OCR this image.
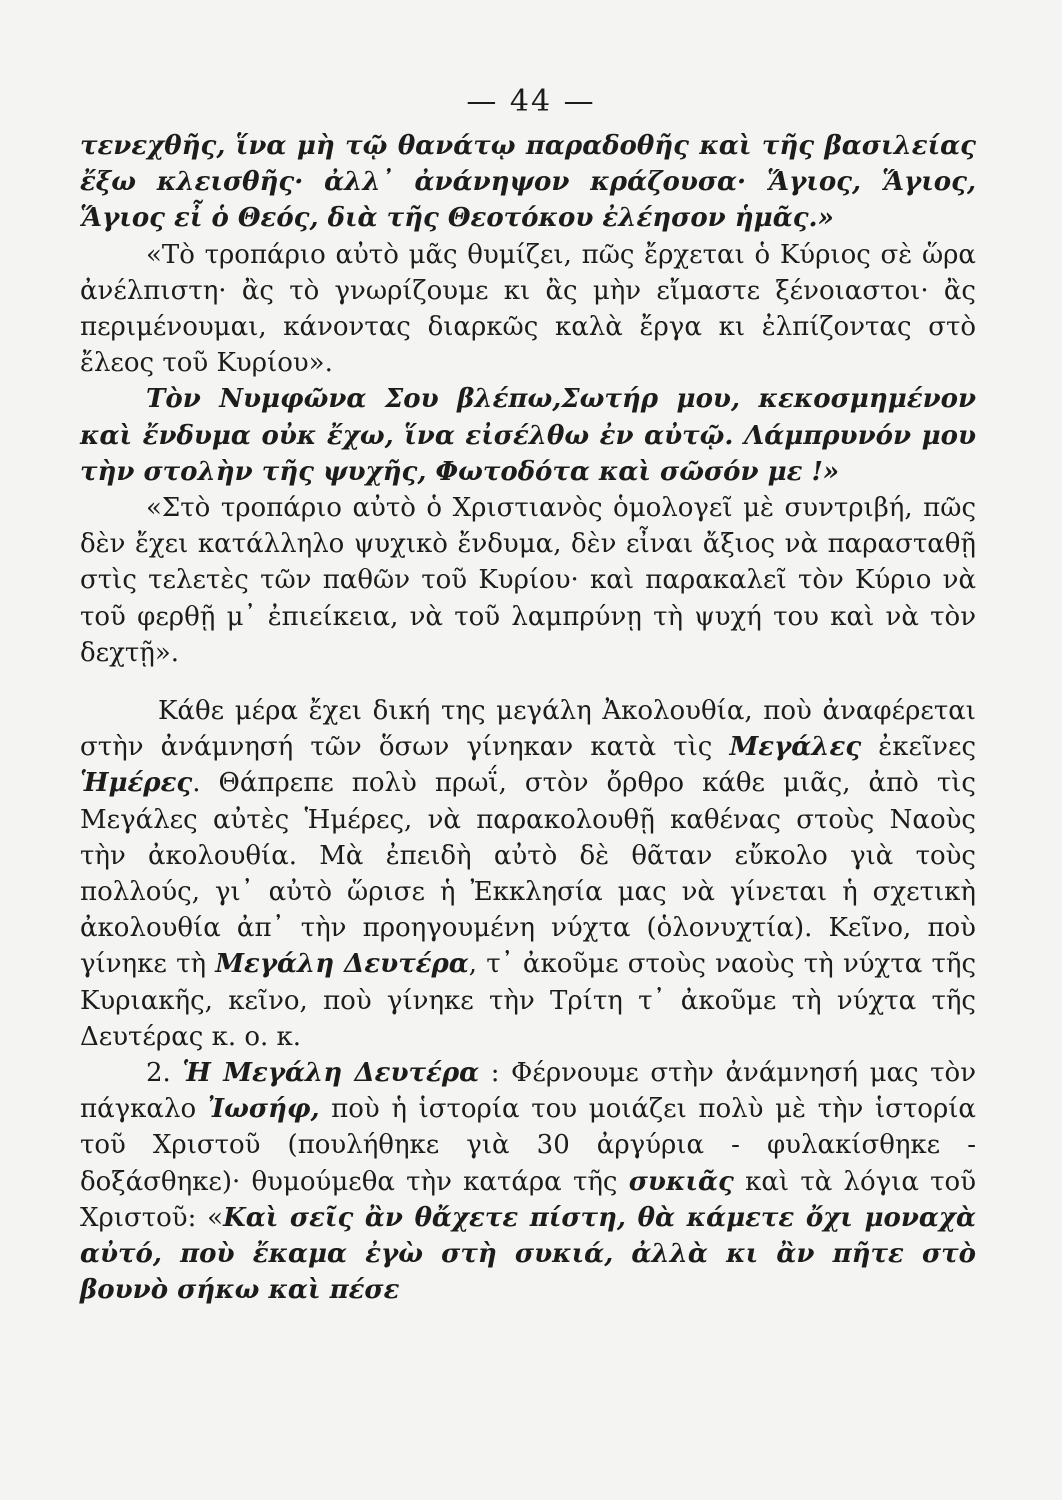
— 44 —

τενεχθῆς, ἵνα μὴ τῷ θανάτῳ παραδοθῆς καὶ τῆς βασιλείας ἔξω κλεισθῆς· ἀλλ᾿ ἀνάνηψον κράζουσα· Ἅγιος, Ἅγιος, Ἅγιος εἶ ὁ Θεός, διὰ τῆς Θεοτόκου ἐλέησον ἡμᾶς.»

«Τὸ τροπάριο αὐτὸ μᾶς θυμίζει, πῶς ἔρχεται ὁ Κύριος σὲ ὥρα ἀνέλπιστη· ἂς τὸ γνωρίζουμε κι ἂς μὴν εἴμαστε ξένοιαστοι· ἂς περιμένουμαι, κάνοντας διαρκῶς καλὰ ἔργα κι ἐλπίζοντας στὸ ἔλεος τοῦ Κυρίου».

Τὸν Νυμφῶνα Σου βλέπω,Σωτήρ μου, κεκοσμημένον καὶ ἔνδυμα οὐκ ἔχω, ἵνα εἰσέλθω ἐν αὐτῷ. Λάμπρυνόν μου τὴν στολὴν τῆς ψυχῆς, Φωτοδότα καὶ σῶσόν με !»

«Στὸ τροπάριο αὐτὸ ὁ Χριστιανὸς ὁμολογεῖ μὲ συντριβή, πῶς δὲν ἔχει κατάλληλο ψυχικὸ ἔνδυμα, δὲν εἶναι ἄξιος νὰ παρασταθῇ στὶς τελετὲς τῶν παθῶν τοῦ Κυρίου· καὶ παρακαλεῖ τὸν Κύριο νὰ τοῦ φερθῇ μ᾿ ἐπιείκεια, νὰ τοῦ λαμπρύνῃ τὴ ψυχή του καὶ νὰ τὸν δεχτῇ».

Κάθε μέρα ἔχει δική της μεγάλη Ἀκολουθία, ποὺ ἀναφέρεται στὴν ἀνάμνησή τῶν ὅσων γίνηκαν κατὰ τὶς Μεγάλες ἐκεῖνες Ἡμέρες. Θάπρεπε πολὺ πρωΐ, στὸν ὄρθρο κάθε μιᾶς, ἀπὸ τὶς Μεγάλες αὐτὲς Ἡμέρες, νὰ παρακολουθῇ καθένας στοὺς Ναοὺς τὴν ἀκολουθία. Μὰ ἐπειδὴ αὐτὸ δὲ θᾶταν εὔκολο γιὰ τοὺς πολλούς, γι᾿ αὐτὸ ὥρισε ἡ Ἐκκλησία μας νὰ γίνεται ἡ σχετικὴ ἀκολουθία ἀπ᾿ τὴν προηγουμένη νύχτα (ὁλονυχτία). Κεῖνο, ποὺ γίνηκε τὴ Μεγάλη Δευτέρα, τ᾿ ἀκοῦμε στοὺς ναοὺς τὴ νύχτα τῆς Κυριακῆς, κεῖνο, ποὺ γίνηκε τὴν Τρίτη τ᾿ ἀκοῦμε τὴ νύχτα τῆς Δευτέρας κ. ο. κ.

2. Ἡ Μεγάλη Δευτέρα : Φέρνουμε στὴν ἀνάμνησή μας τὸν πάγκαλο Ἰωσήφ, ποὺ ἡ ἱστορία του μοιάζει πολὺ μὲ τὴν ἱστορία τοῦ Χριστοῦ (πουλήθηκε γιὰ 30 ἀργύρια - φυλακίσθηκε - δοξάσθηκε)· θυμούμεθα τὴν κατάρα τῆς συκιᾶς καὶ τὰ λόγια τοῦ Χριστοῦ: «Καὶ σεῖς ἂν θἄχετε πίστη, θὰ κάμετε ὄχι μοναχὰ αὐτό, ποὺ ἔκαμα ἐγὼ στὴ συκιά, ἀλλὰ κι ἂν πῆτε στὸ βουνὸ σήκω καὶ πέσε
